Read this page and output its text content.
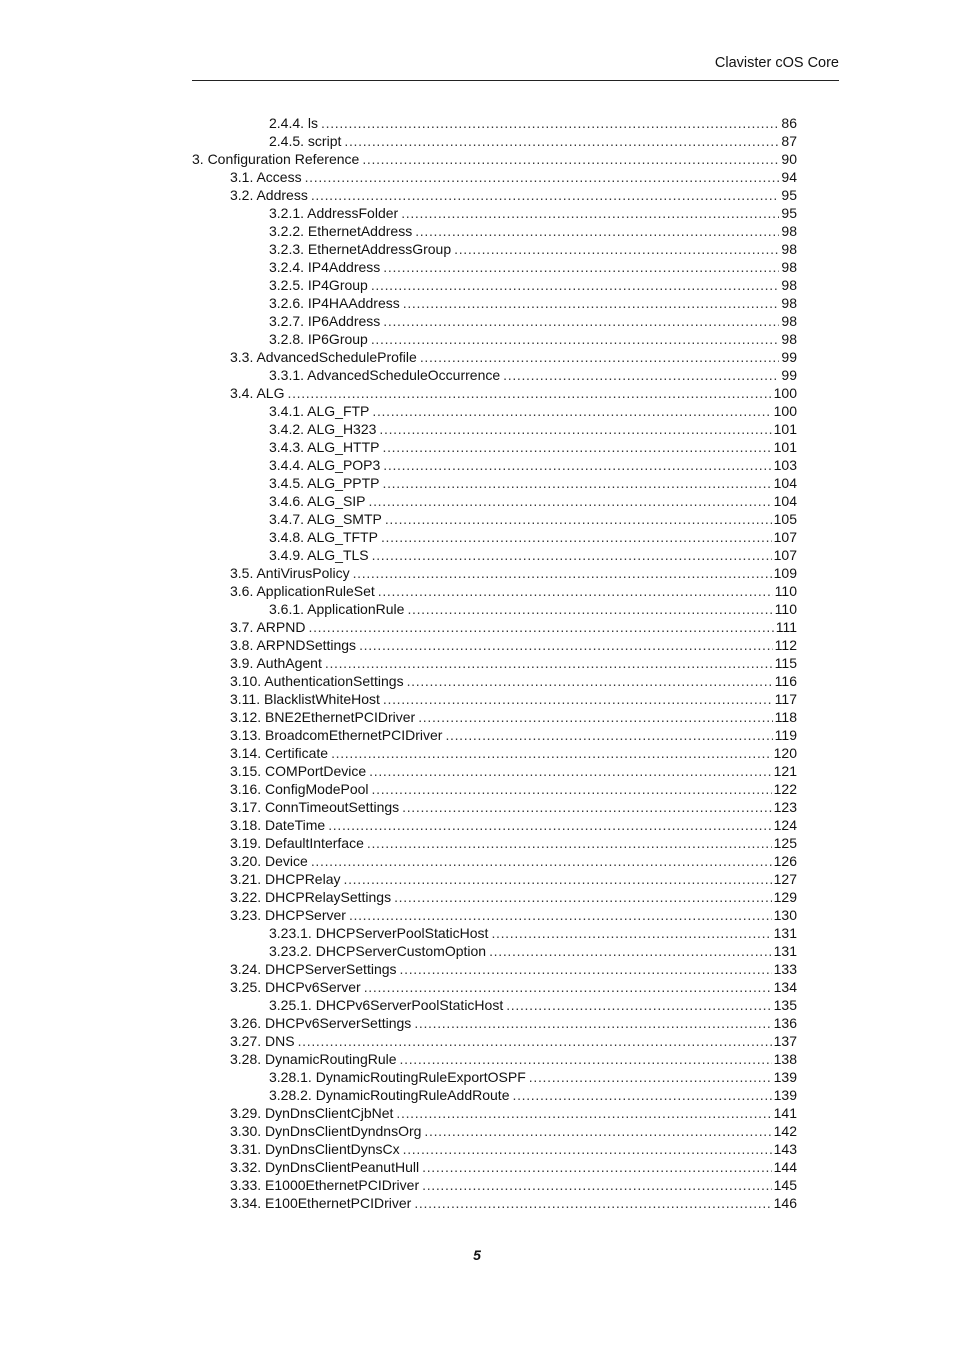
Clavister cOS Core
2.4.4. ls . . .	86
2.4.5. script . . .	87
3. Configuration Reference . . .	90
3.1. Access . . .	94
3.2. Address . . .	95
3.2.1. AddressFolder . . .	95
3.2.2. EthernetAddress . . .	98
3.2.3. EthernetAddressGroup . . .	98
3.2.4. IP4Address . . .	98
3.2.5. IP4Group . . .	98
3.2.6. IP4HAAddress . . .	98
3.2.7. IP6Address . . .	98
3.2.8. IP6Group . . .	98
3.3. AdvancedScheduleProfile . . .	99
3.3.1. AdvancedScheduleOccurrence . . .	99
3.4. ALG . . .	100
3.4.1. ALG_FTP . . .	100
3.4.2. ALG_H323 . . .	101
3.4.3. ALG_HTTP . . .	101
3.4.4. ALG_POP3 . . .	103
3.4.5. ALG_PPTP . . .	104
3.4.6. ALG_SIP . . .	104
3.4.7. ALG_SMTP . . .	105
3.4.8. ALG_TFTP . . .	107
3.4.9. ALG_TLS . . .	107
3.5. AntiVirusPolicy . . .	109
3.6. ApplicationRuleSet . . .	110
3.6.1. ApplicationRule . . .	110
3.7. ARPND . . .	111
3.8. ARPNDSettings . . .	112
3.9. AuthAgent . . .	115
3.10. AuthenticationSettings . . .	116
3.11. BlacklistWhiteHost . . .	117
3.12. BNE2EthernetPCIDriver . . .	118
3.13. BroadcomEthernetPCIDriver . . .	119
3.14. Certificate . . .	120
3.15. COMPortDevice . . .	121
3.16. ConfigModePool . . .	122
3.17. ConnTimeoutSettings . . .	123
3.18. DateTime . . .	124
3.19. DefaultInterface . . .	125
3.20. Device . . .	126
3.21. DHCPRelay . . .	127
3.22. DHCPRelaySettings . . .	129
3.23. DHCPServer . . .	130
3.23.1. DHCPServerPoolStaticHost . . .	131
3.23.2. DHCPServerCustomOption . . .	131
3.24. DHCPServerSettings . . .	133
3.25. DHCPv6Server . . .	134
3.25.1. DHCPv6ServerPoolStaticHost . . .	135
3.26. DHCPv6ServerSettings . . .	136
3.27. DNS . . .	137
3.28. DynamicRoutingRule . . .	138
3.28.1. DynamicRoutingRuleExportOSPF . . .	139
3.28.2. DynamicRoutingRuleAddRoute . . .	139
3.29. DynDnsClientCjbNet . . .	141
3.30. DynDnsClientDyndnsOrg . . .	142
3.31. DynDnsClientDynsCx . . .	143
3.32. DynDnsClientPeanutHull . . .	144
3.33. E1000EthernetPCIDriver . . .	145
3.34. E100EthernetPCIDriver . . .	146
5
